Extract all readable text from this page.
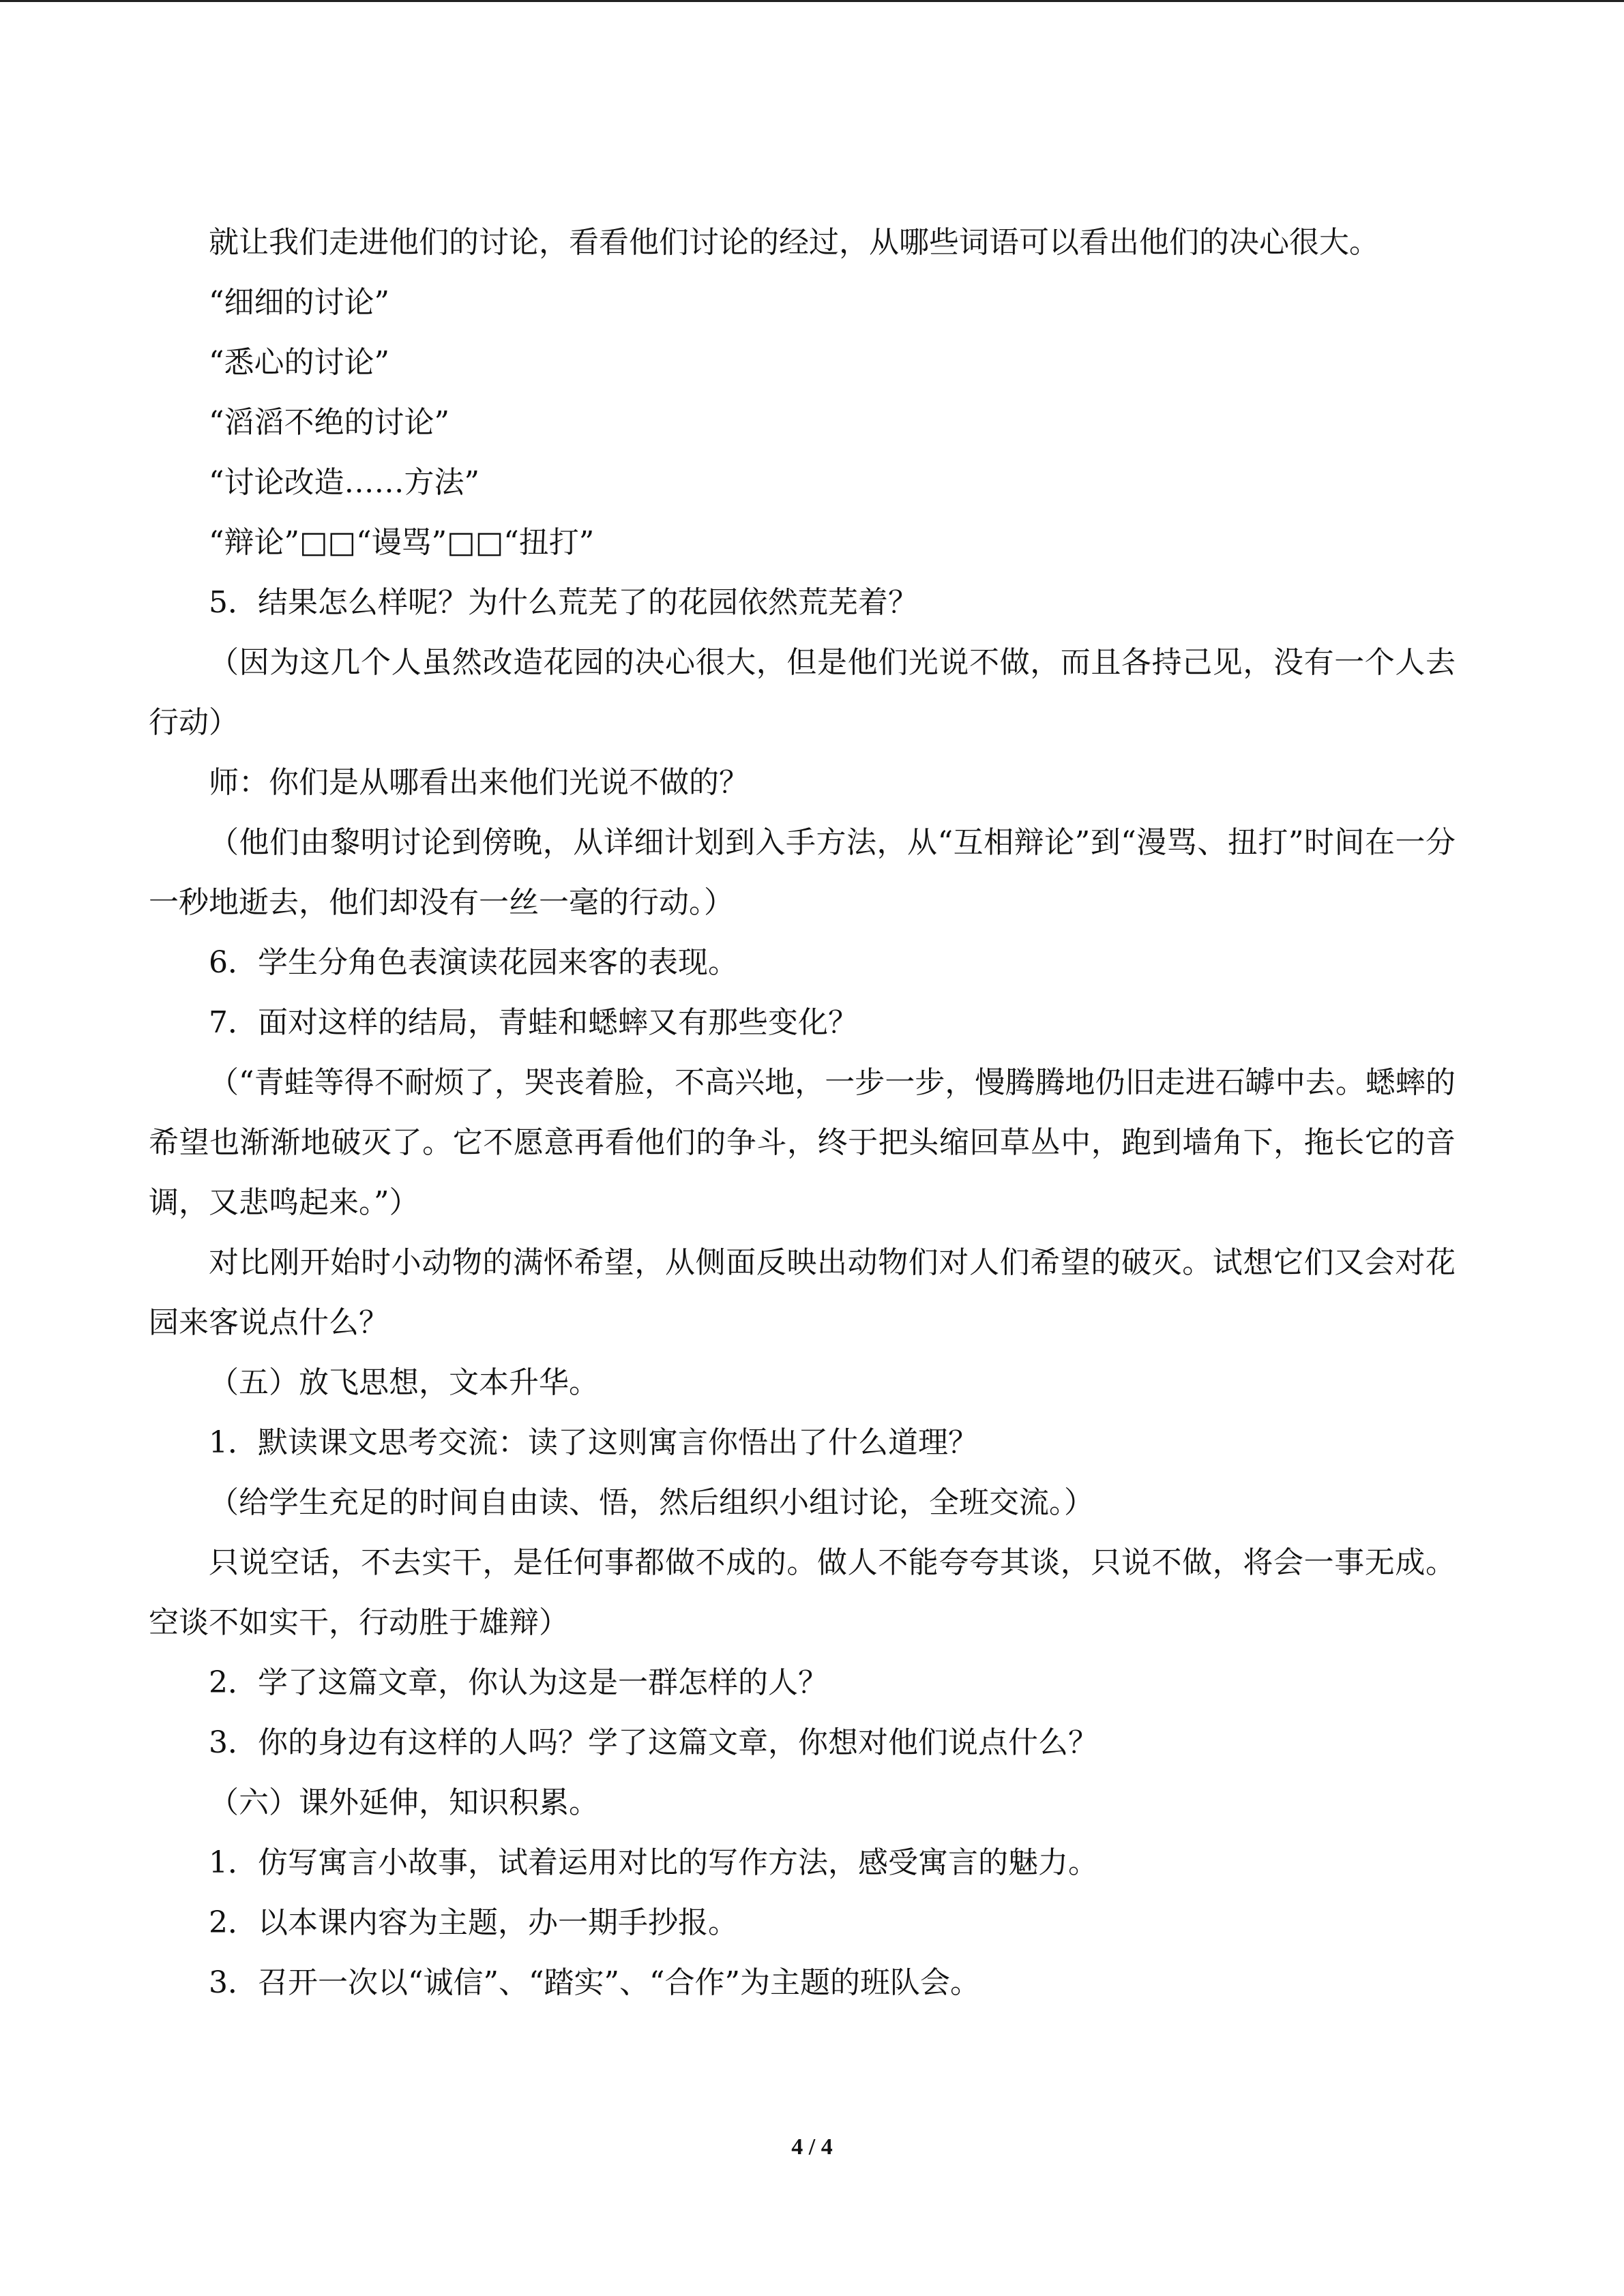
就让我们走进他们的讨论，看看他们讨论的经过，从哪些词语可以看出他们的决心很大。

“细细的讨论”

“悉心的讨论”

“滔滔不绝的讨论”

“讨论改造……方法”

“辩论”□□“谩骂”□□“扭打”

5．结果怎么样呢？为什么荒芜了的花园依然荒芜着？

（因为这几个人虽然改造花园的决心很大，但是他们光说不做，而且各持己见，没有一个人去行动）

师：你们是从哪看出来他们光说不做的？

（他们由黎明讨论到傍晚，从详细计划到入手方法，从“互相辩论”到“漫骂、扭打”时间在一分一秒地逝去，他们却没有一丝一毫的行动。）

6．学生分角色表演读花园来客的表现。

7．面对这样的结局，青蛙和蟋蟀又有那些变化？

（“青蛙等得不耐烦了，哭丧着脸，不高兴地，一步一步，慢腾腾地仍旧走进石罅中去。蟋蟀的希望也渐渐地破灭了。它不愿意再看他们的争斗，终于把头缩回草丛中，跑到墙角下，拖长它的音调，又悲鸣起来。”）

对比刚开始时小动物的满怀希望，从侧面反映出动物们对人们希望的破灭。试想它们又会对花园来客说点什么？

（五）放飞思想，文本升华。

1．默读课文思考交流：读了这则寓言你悟出了什么道理？

（给学生充足的时间自由读、悟，然后组织小组讨论，全班交流。）

只说空话，不去实干，是任何事都做不成的。做人不能夸夸其谈，只说不做，将会一事无成。空谈不如实干，行动胜于雄辩）

2．学了这篇文章，你认为这是一群怎样的人？

3．你的身边有这样的人吗？学了这篇文章，你想对他们说点什么？

（六）课外延伸，知识积累。

1．仿写寓言小故事，试着运用对比的写作方法，感受寓言的魅力。

2．以本课内容为主题，办一期手抄报。

3．召开一次以“诚信”、“踏实”、“合作”为主题的班队会。

4 / 4
